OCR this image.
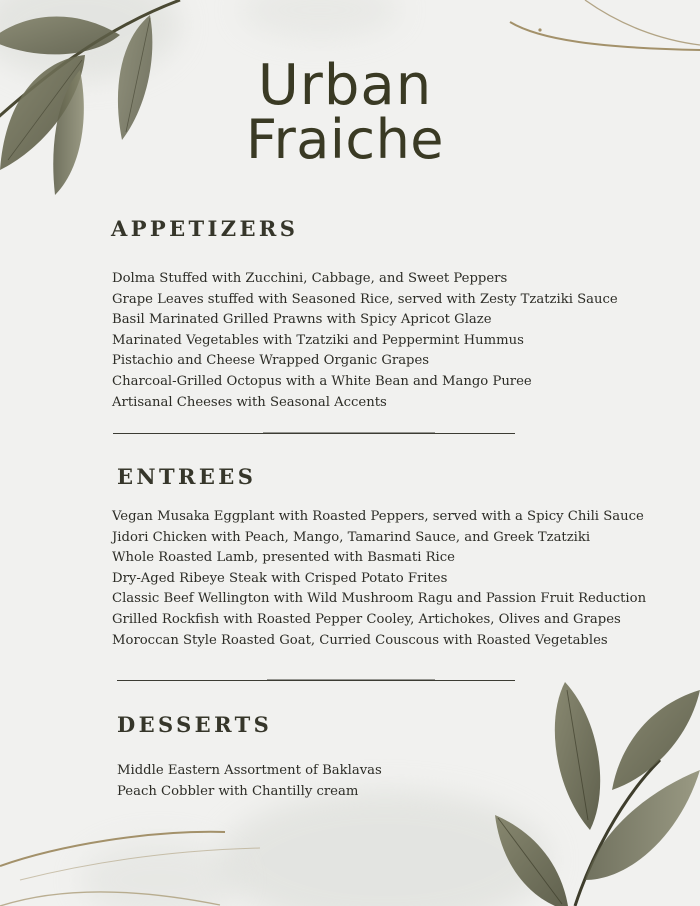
Urban
Fraiche
APPETIZERS
Dolma Stuffed with Zucchini, Cabbage, and Sweet Peppers
Grape Leaves stuffed with Seasoned Rice, served with Zesty Tzatziki Sauce
Basil Marinated Grilled Prawns with Spicy Apricot Glaze
Marinated Vegetables with Tzatziki and Peppermint Hummus
Pistachio and Cheese Wrapped Organic Grapes
Charcoal-Grilled Octopus with a White Bean and Mango Puree
Artisanal Cheeses with Seasonal Accents
ENTREES
Vegan Musaka Eggplant with Roasted Peppers, served with a Spicy Chili Sauce
Jidori Chicken with Peach, Mango, Tamarind Sauce, and Greek Tzatziki
Whole Roasted Lamb, presented with Basmati Rice
Dry-Aged Ribeye Steak with Crisped Potato Frites
Classic Beef Wellington with Wild Mushroom Ragu and Passion Fruit Reduction
Grilled Rockfish with Roasted Pepper Cooley, Artichokes, Olives and Grapes
Moroccan Style Roasted Goat, Curried Couscous with Roasted Vegetables
DESSERTS
Middle Eastern Assortment of Baklavas
Peach Cobbler with Chantilly cream
